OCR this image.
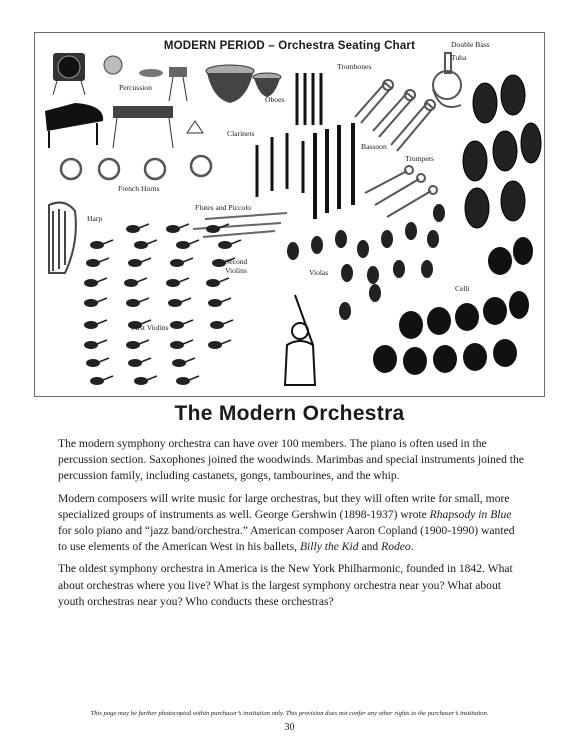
MODERN PERIOD – Orchestra Seating Chart
Percussion
Oboes
Trombones
Double Bass
Tuba
Clarinets
Bassoon
Trumpets
French Horns
Flutes and Piccolo
Harp
Second
Violins	Violas
Celli
First Violins
The Modern Orchestra

The modern symphony orchestra can have over 100 members. The piano is often used in the percussion section. Saxophones joined the woodwinds. Marimbas and special instruments joined the percussion family, including castanets, gongs, tambourines, and the whip.

Modern composers will write music for large orchestras, but they will often write for small, more specialized groups of instruments as well. George Gershwin (1898-1937) wrote Rhapsody in Blue for solo piano and “jazz band/orchestra.” American composer Aaron Copland (1900-1990) wanted to use elements of the American West in his ballets, Billy the Kid and Rodeo.

The oldest symphony orchestra in America is the New York Philharmonic, founded in 1842. What about orchestras where you live? What is the largest symphony orchestra near you? What about youth orchestras near you? Who conducts these orchestras?

This page may be further photocopied within purchaser’s institution only. This provision does not confer any other rights to the purchaser’s institution.
30
